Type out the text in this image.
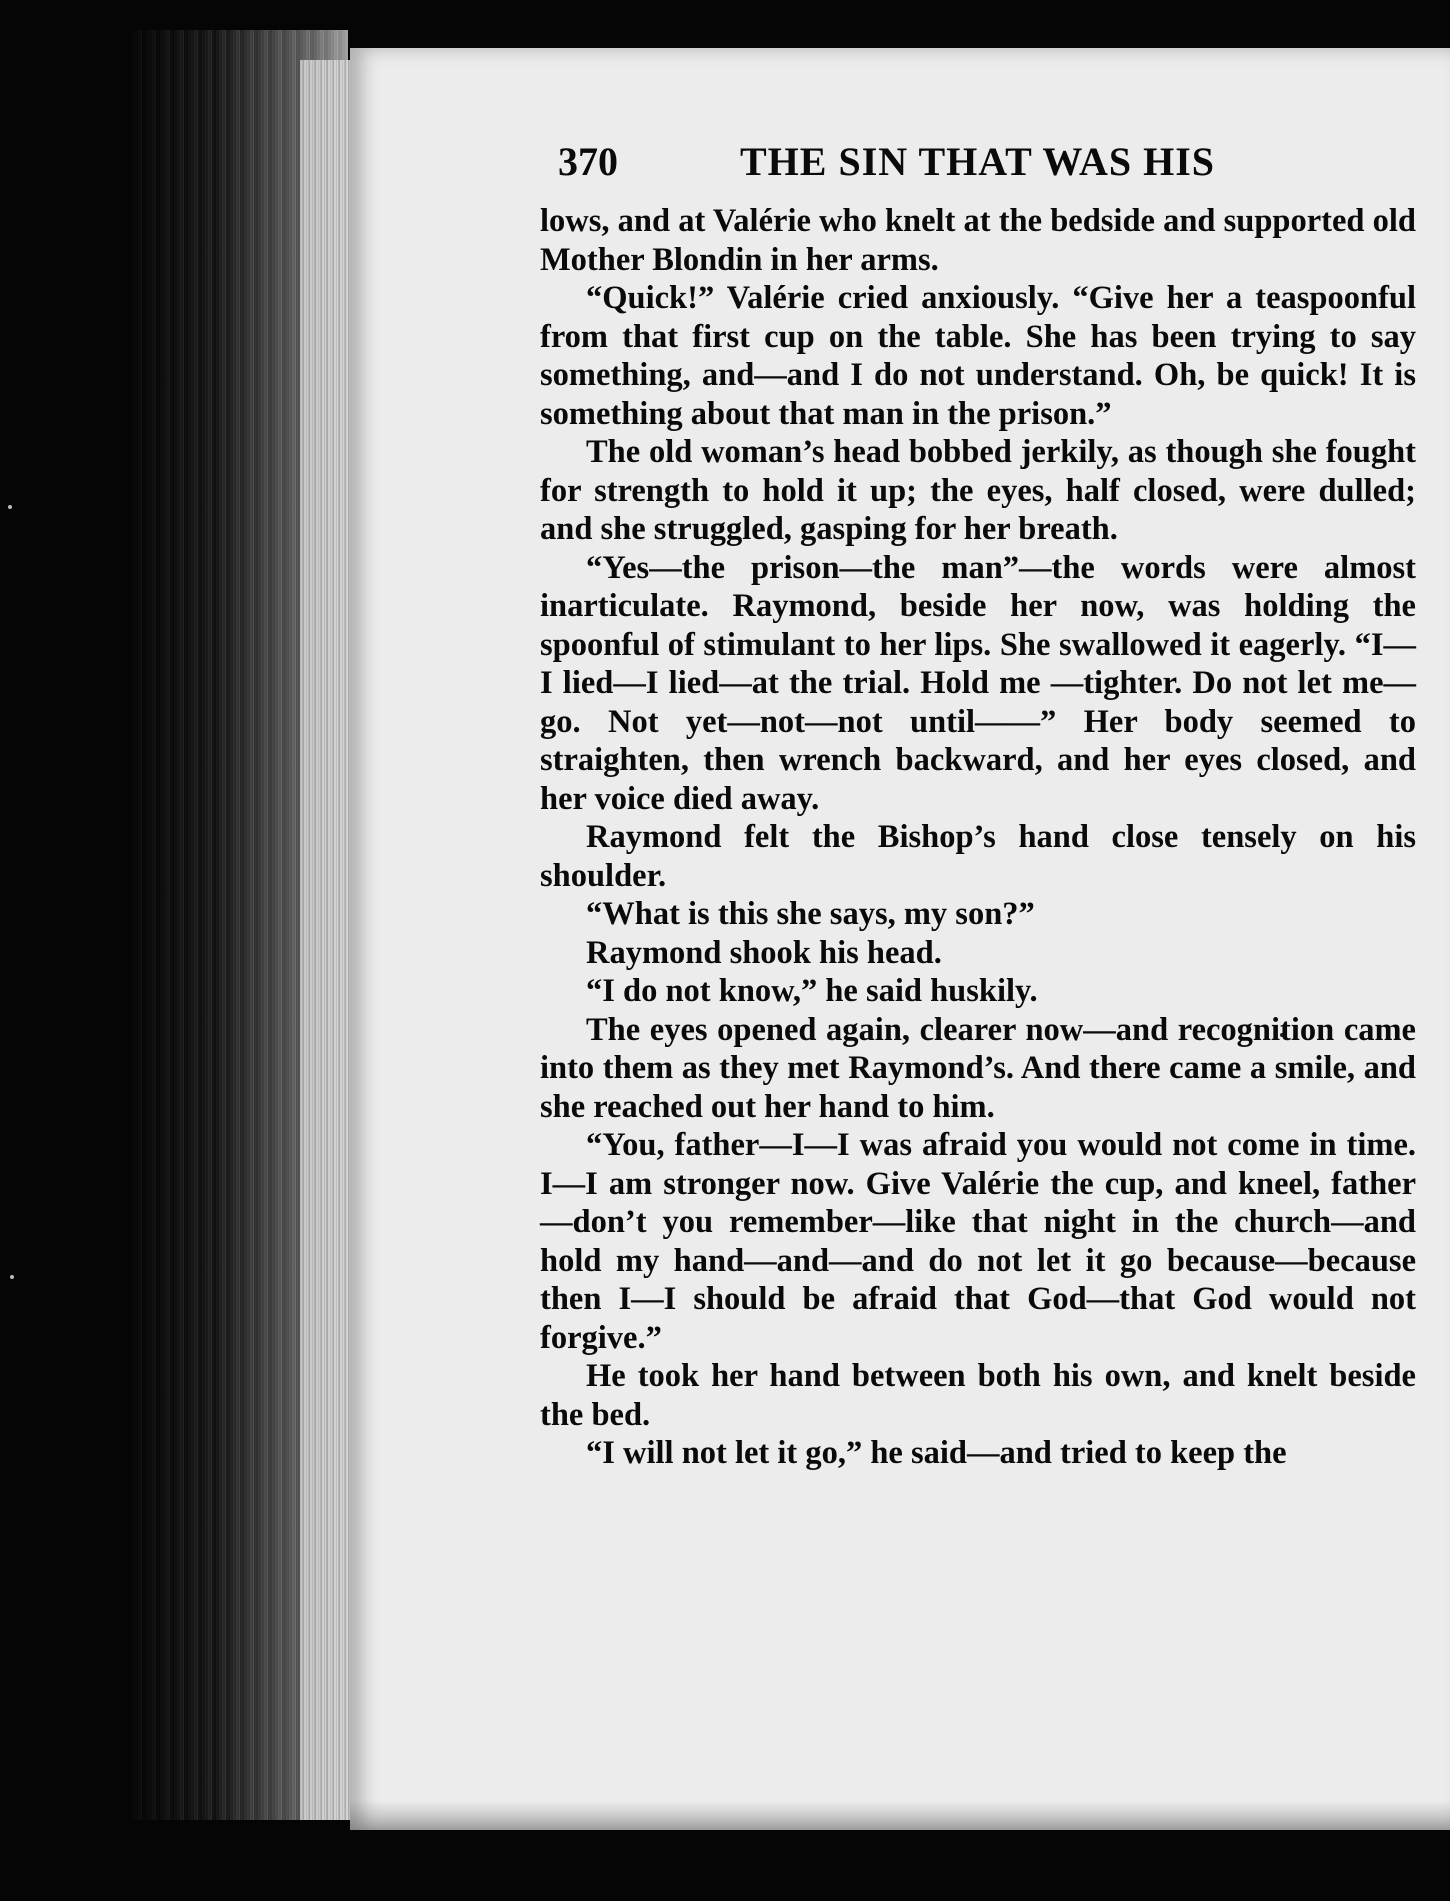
370	THE SIN THAT WAS HIS

lows, and at Valérie who knelt at the bedside and supported old Mother Blondin in her arms.

“Quick!” Valérie cried anxiously. “Give her a teaspoonful from that first cup on the table. She has been trying to say something, and—and I do not understand. Oh, be quick! It is something about that man in the prison.”

The old woman’s head bobbed jerkily, as though she fought for strength to hold it up; the eyes, half closed, were dulled; and she struggled, gasping for her breath.

“Yes—the prison—the man”—the words were almost inarticulate. Raymond, beside her now, was holding the spoonful of stimulant to her lips. She swallowed it eagerly. “I—I lied—I lied—at the trial. Hold me —tighter. Do not let me—go. Not yet—not—not until——” Her body seemed to straighten, then wrench backward, and her eyes closed, and her voice died away.

Raymond felt the Bishop’s hand close tensely on his shoulder.

“What is this she says, my son?”

Raymond shook his head.

“I do not know,” he said huskily.

The eyes opened again, clearer now—and recognition came into them as they met Raymond’s. And there came a smile, and she reached out her hand to him.

“You, father—I—I was afraid you would not come in time. I—I am stronger now. Give Valérie the cup, and kneel, father—don’t you remember—like that night in the church—and hold my hand—and—and do not let it go because—because then I—I should be afraid that God—that God would not forgive.”

He took her hand between both his own, and knelt beside the bed.

“I will not let it go,” he said—and tried to keep the
